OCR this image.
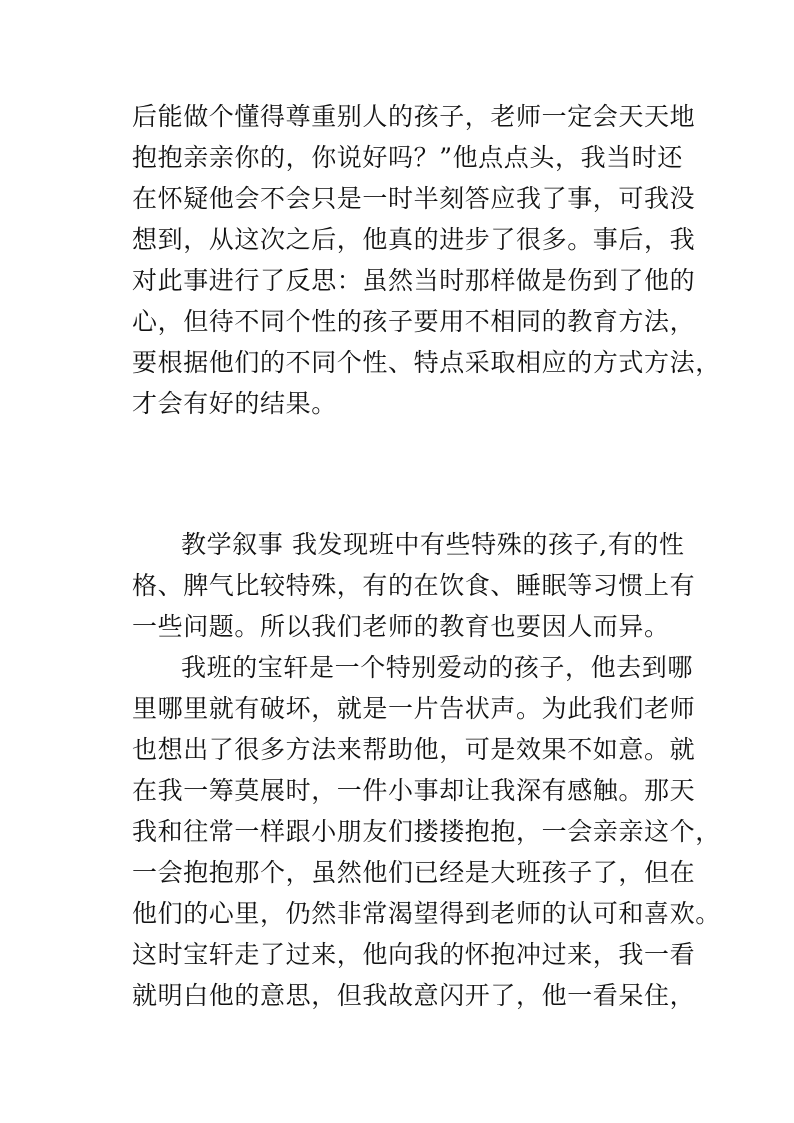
后能做个懂得尊重别人的孩子，老师一定会天天地
抱抱亲亲你的，你说好吗？”他点点头，我当时还
在怀疑他会不会只是一时半刻答应我了事，可我没
想到，从这次之后，他真的进步了很多。事后，我
对此事进行了反思：虽然当时那样做是伤到了他的
心，但待不同个性的孩子要用不相同的教育方法，
要根据他们的不同个性、特点采取相应的方式方法，
才会有好的结果。
教学叙事 我发现班中有些特殊的孩子,有的性
格、脾气比较特殊，有的在饮食、睡眠等习惯上有
一些问题。所以我们老师的教育也要因人而异。
我班的宝轩是一个特别爱动的孩子，他去到哪
里哪里就有破坏，就是一片告状声。为此我们老师
也想出了很多方法来帮助他，可是效果不如意。就
在我一筹莫展时，一件小事却让我深有感触。那天
我和往常一样跟小朋友们搂搂抱抱，一会亲亲这个，
一会抱抱那个，虽然他们已经是大班孩子了，但在
他们的心里，仍然非常渴望得到老师的认可和喜欢。
这时宝轩走了过来，他向我的怀抱冲过来，我一看
就明白他的意思，但我故意闪开了，他一看呆住，
